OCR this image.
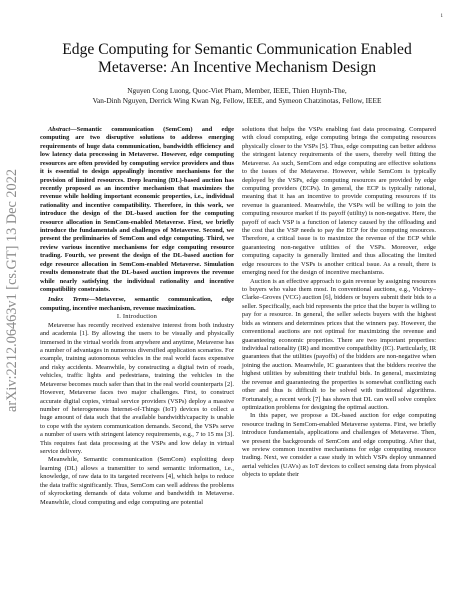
1
arXiv:2212.06463v1 [cs.GT] 13 Dec 2022
Edge Computing for Semantic Communication Enabled
Metaverse: An Incentive Mechanism Design
Nguyen Cong Luong, Quoc-Viet Pham, Member, IEEE, Thien Huynh-The,
Van-Dinh Nguyen, Derrick Wing Kwan Ng, Fellow, IEEE, and Symeon Chatzinotas, Fellow, IEEE

Abstract—Semantic communication (SemCom) and edge computing are two disruptive solutions to address emerging requirements of huge data communication, bandwidth efficiency and low latency data processing in Metaverse. However, edge computing resources are often provided by computing service providers and thus it is essential to design appealingly incentive mechanisms for the provision of limited resources. Deep learning (DL)-based auction has recently proposed as an incentive mechanism that maximizes the revenue while holding important economic properties, i.e., individual rationality and incentive compatibility. Therefore, in this work, we introduce the design of the DL-based auction for the computing resource allocation in SemCom-enabled Metaverse. First, we briefly introduce the fundamentals and challenges of Metaverse. Second, we present the preliminaries of SemCom and edge computing. Third, we review various incentive mechanisms for edge computing resource trading. Fourth, we present the design of the DL-based auction for edge resource allocation in SemCom-enabled Metaverse. Simulation results demonstrate that the DL-based auction improves the revenue while nearly satisfying the individual rationality and incentive compatibility constraints.

Index Terms—Metaverse, semantic communication, edge computing, incentive mechanism, revenue maximization.

I. Introduction

Metaverse has recently received extensive interest from both industry and academia [1]. By allowing the users to be visually and physically immersed in the virtual worlds from anywhere and anytime, Metaverse has a number of advantages in numerous diversified application scenarios. For example, training autonomous vehicles in the real world faces expensive and risky accidents. Meanwhile, by constructing a digital twin of roads, vehicles, traffic lights and pedestrians, training the vehicles in the Metaverse becomes much safer than that in the real world counterparts [2]. However, Metaverse faces two major challenges. First, to construct accurate digital copies, virtual service providers (VSPs) deploy a massive number of heterogeneous Internet-of-Things (IoT) devices to collect a huge amount of data such that the available bandwidth/capacity is unable to cope with the system communication demands. Second, the VSPs serve a number of users with stringent latency requirements, e.g., 7 to 15 ms [3]. This requires fast data processing at the VSPs and low delay in virtual service delivery.

Meanwhile, Semantic communication (SemCom) exploiting deep learning (DL) allows a transmitter to send semantic information, i.e., knowledge, of raw data to its targeted receivers [4], which helps to reduce the data traffic significantly. Thus, SemCom can well address the problems of skyrocketing demands of data volume and bandwidth in Metaverse. Meanwhile, cloud computing and edge computing are potential

solutions that helps the VSPs enabling fast data processing. Compared with cloud computing, edge computing brings the computing resources physically closer to the VSPs [5]. Thus, edge computing can better address the stringent latency requirements of the users, thereby well fitting the Metaverse. As such, SemCom and edge computing are effective solutions to the issues of the Metaverse. However, while SemCom is typically deployed by the VSPs, edge computing resources are provided by edge computing providers (ECPs). In general, the ECP is typically rational, meaning that it has an incentive to provide computing resources if its revenue is guaranteed. Meanwhile, the VSPs will be willing to join the computing resource market if its payoff (utility) is non-negative. Here, the payoff of each VSP is a function of latency caused by the offloading and the cost that the VSP needs to pay the ECP for the computing resources. Therefore, a critical issue is to maximize the revenue of the ECP while guaranteeing non-negative utilities of the VSPs. Moreover, edge computing capacity is generally limited and thus allocating the limited edge resources to the VSPs is another critical issue. As a result, there is emerging need for the design of incentive mechanisms.

Auction is an effective approach to gain revenue by assigning resources to buyers who value them most. In conventional auctions, e.g., Vickrey–Clarke–Groves (VCG) auction [6], bidders or buyers submit their bids to a seller. Specifically, each bid represents the price that the buyer is willing to pay for a resource. In general, the seller selects buyers with the highest bids as winners and determines prices that the winners pay. However, the conventional auctions are not optimal for maximizing the revenue and guaranteeing economic properties. There are two important properties: individual rationality (IR) and incentive compatibility (IC). Particularly, IR guarantees that the utilities (payoffs) of the bidders are non-negative when joining the auction. Meanwhile, IC guarantees that the bidders receive the highest utilities by submitting their truthful bids. In general, maximizing the revenue and guaranteeing the properties is somewhat conflicting each other and thus is difficult to be solved with traditional algorithms. Fortunately, a recent work [7] has shown that DL can well solve complex optimization problems for designing the optimal auction.

In this paper, we propose a DL-based auction for edge computing resource trading in SemCom-enabled Metaverse systems. First, we briefly introduce fundamentals, applications and challenges of Metaverse. Then, we present the backgrounds of SemCom and edge computing. After that, we review common incentive mechanisms for edge computing resource trading. Next, we consider a case study in which VSPs deploy unmanned aerial vehicles (UAVs) as IoT devices to collect sensing data from physical objects to update their
